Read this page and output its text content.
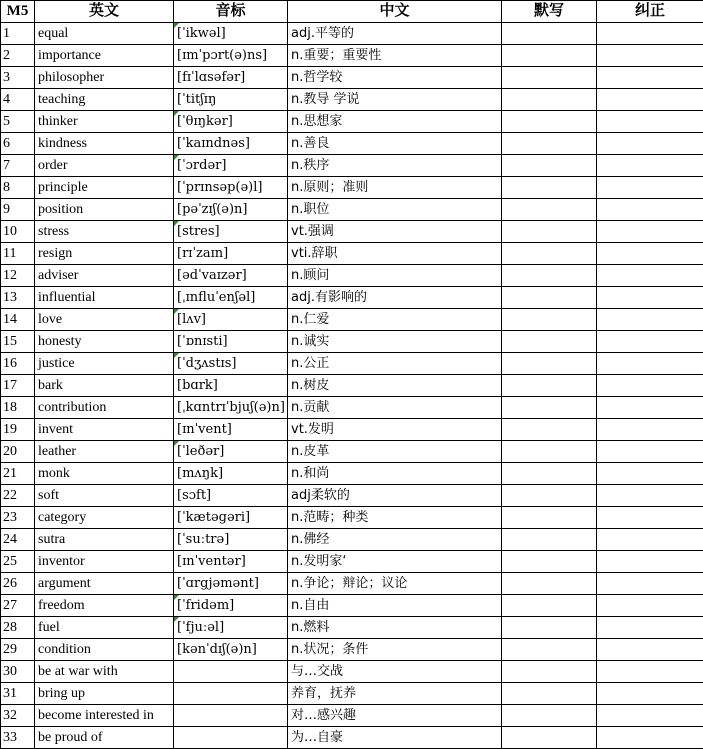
M5	英文	音标	中文	默写	纠正
1	equal	[ˈikwəl]	adj.平等的		
2	importance	[ɪmˈpɔrt(ə)ns]	n.重要；重要性		
3	philosopher	[fɪˈlɑsəfər]	n.哲学较		
4	teaching	[ˈtitʃɪŋ	n.教导 学说		
5	thinker	[ˈθɪŋkər]	n.思想家		
6	kindness	[ˈkaɪndnəs]	n.善良		
7	order	[ˈɔrdər]	n.秩序		
8	principle	[ˈprɪnsəp(ə)l]	n.原则；准则		
9	position	[pəˈzɪʃ(ə)n]	n.职位		
10	stress	[stres]	vt.强调		
11	resign	[rɪˈzaɪn]	vti.辞职		
12	adviser	[ədˈvaɪzər]	n.顾问		
13	influential	[ˌɪnfluˈenʃəl]	adj.有影响的		
14	love	[lʌv]	n.仁爱		
15	honesty	[ˈɒnɪsti]	n.诚实		
16	justice	[ˈdʒʌstɪs]	n.公正		
17	bark	[bɑrk]	n.树皮		
18	contribution	[ˌkɑntrɪˈbjuʃ(ə)n]	n.贡献		
19	invent	[ɪnˈvent]	vt.发明		
20	leather	[ˈleðər]	n.皮革		
21	monk	[mʌŋk]	n.和尚		
22	soft	[sɔft]	adj柔软的		
23	category	[ˈkætəgəri]	n.范畴；种类		
24	sutra	[ˈsuːtrə]	n.佛经		
25	inventor	[ɪnˈventər]	n.发明家‘		
26	argument	[ˈɑrgjəmənt]	n.争论；辩论；议论		
27	freedom	[ˈfridəm]	n.自由		
28	fuel	[ˈfjuːəl]	n.燃料		
29	condition	[kənˈdɪʃ(ə)n]	n.状况；条件		
30	be at war with		与…交战		
31	bring up		养育，抚养		
32	become interested in		对…感兴趣		
33	be proud of		为…自豪		
